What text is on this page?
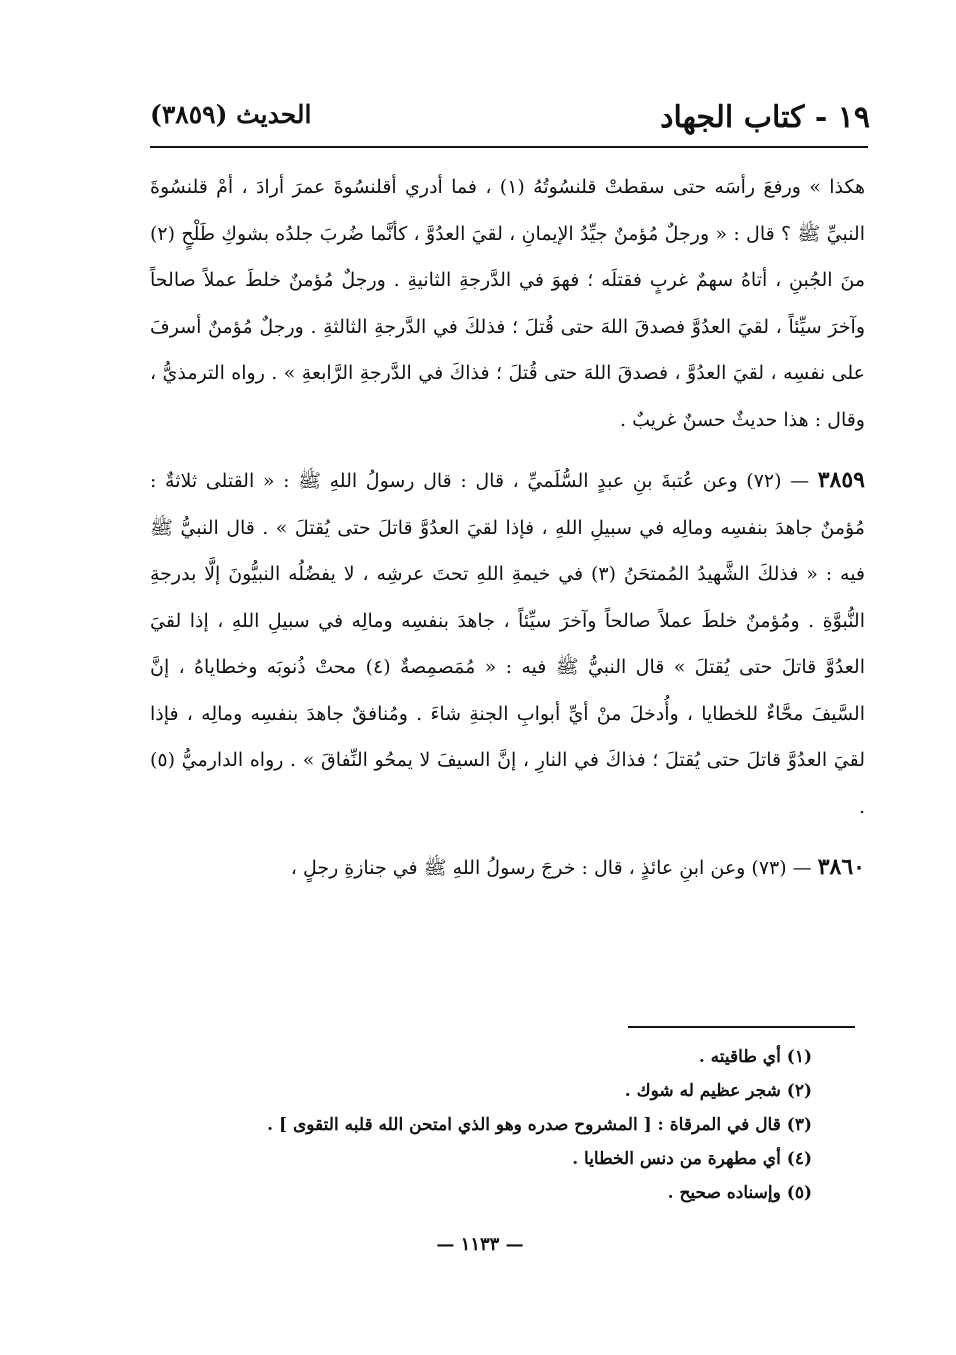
١٩ - كتاب الجهاد
الحديث (٣٨٥٩)

هكذا » ورفعَ رأسَه حتى سقطتْ قلنسُوتُهُ (١) ، فما أدري أقلنسُوةَ عمرَ أرادَ ، أمْ قلنسُوةَ النبيِّ ﷺ ؟ قال : « ورجلٌ مُؤمنٌ جيِّدُ الإيمانِ ، لقيَ العدُوَّ ، كأنَّما ضُربَ جلدُه بشوكِ طَلْحٍ (٢) منَ الجُبنِ ، أتاهُ سهمٌ غربٍ فقتلَه ؛ فهوَ في الدَّرجةِ الثانيةِ . ورجلٌ مُؤمنٌ خلطَ عملاً صالحاً وآخرَ سيِّئاً ، لقيَ العدُوَّ فصدقَ اللهَ حتى قُتلَ ؛ فذلكَ في الدَّرجةِ الثالثةِ . ورجلٌ مُؤمنٌ أسرفَ على نفسِه ، لقيَ العدُوَّ ، فصدقَ اللهَ حتى قُتلَ ؛ فذاكَ في الدَّرجةِ الرَّابعةِ » . رواه الترمذيُّ ، وقال : هذا حديثٌ حسنٌ غريبٌ .

٣٨٥٩ — (٧٢) وعن عُتبةَ بنِ عبدٍ السُّلَميِّ ، قال : قال رسولُ اللهِ ﷺ : « القتلى ثلاثةٌ : مُؤمنٌ جاهدَ بنفسِه ومالِه في سبيلِ اللهِ ، فإذا لقيَ العدُوَّ قاتلَ حتى يُقتلَ » . قال النبيُّ ﷺ فيه : « فذلكَ الشَّهيدُ المُمتحَنُ (٣) في خيمةِ اللهِ تحتَ عرشِه ، لا يفضُلُه النبيُّونَ إلَّا بدرجةِ النُّبوَّةِ . ومُؤمنٌ خلطَ عملاً صالحاً وآخرَ سيِّئاً ، جاهدَ بنفسِه ومالِه في سبيلِ اللهِ ، إذا لقيَ العدُوَّ قاتلَ حتى يُقتلَ » قال النبيُّ ﷺ فيه : « مُمَصمِصةٌ (٤) محتْ ذُنوبَه وخطاياهُ ، إنَّ السَّيفَ محَّاءٌ للخطايا ، وأُدخلَ منْ أيِّ أبوابِ الجنةِ شاءَ . ومُنافقٌ جاهدَ بنفسِه ومالِه ، فإذا لقيَ العدُوَّ قاتلَ حتى يُقتلَ ؛ فذاكَ في النارِ ، إنَّ السيفَ لا يمحُو النِّفاقَ » . رواه الدارميُّ (٥) .

٣٨٦٠ — (٧٣) وعن ابنِ عائذٍ ، قال : خرجَ رسولُ اللهِ ﷺ في جنازةِ رجلٍ ،

(١) أي طاقيته .
(٢) شجر عظيم له شوك .
(٣) قال في المرقاة : [ المشروح صدره وهو الذي امتحن الله قلبه التقوى ] .
(٤) أي مطهرة من دنس الخطايا .
(٥) وإسناده صحيح .
— ١١٣٣ —
